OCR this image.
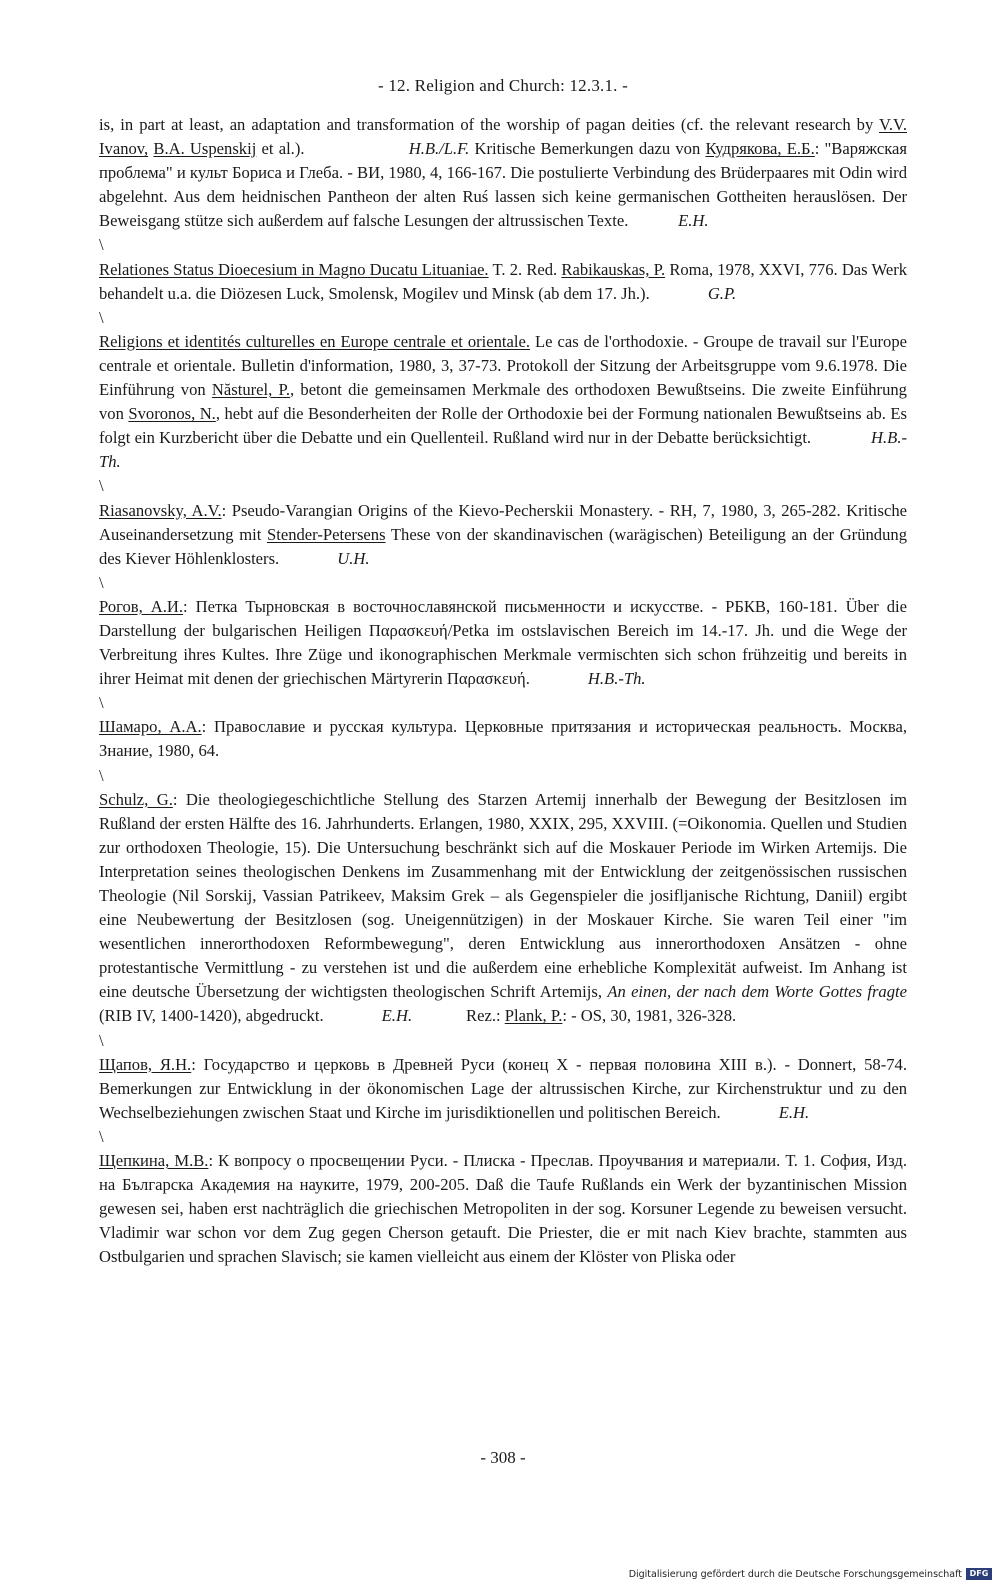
- 12. Religion and Church: 12.3.1. -

is, in part at least, an adaptation and transformation of the worship of pagan deities (cf. the relevant research by V.V. Ivanov, B.A. Uspenskij et al.).	H.B./L.F. Kritische Bemerkungen dazu von Кудрякова, Е.Б.: "Варяжская проблема" и культ Бориса и Глеба. - ВИ, 1980, 4, 166-167. Die postulierte Verbindung des Brüderpaares mit Odin wird abgelehnt. Aus dem heidnischen Pantheon der alten Ruś lassen sich keine germanischen Gottheiten herauslösen. Der Beweisgang stütze sich außerdem auf falsche Lesungen der altrussischen Texte.	E.H.

\

Relationes Status Dioecesium in Magno Ducatu Lituaniae. T. 2. Red. Rabikauskas, P. Roma, 1978, XXVI, 776. Das Werk behandelt u.a. die Diözesen Luck, Smolensk, Mogilev und Minsk (ab dem 17. Jh.).	G.P.

\

Religions et identités culturelles en Europe centrale et orientale. Le cas de l'orthodoxie. - Groupe de travail sur l'Europe centrale et orientale. Bulletin d'information, 1980, 3, 37-73. Protokoll der Sitzung der Arbeitsgruppe vom 9.6.1978. Die Einführung von Năsturel, P., betont die gemeinsamen Merkmale des orthodoxen Bewußtseins. Die zweite Einführung von Svoronos, N., hebt auf die Besonderheiten der Rolle der Orthodoxie bei der Formung nationalen Bewußtseins ab. Es folgt ein Kurzbericht über die Debatte und ein Quellenteil. Rußland wird nur in der Debatte berücksichtigt.	H.B.-Th.

\

Riasanovsky, A.V.: Pseudo-Varangian Origins of the Kievo-Pecherskii Monastery. - RH, 7, 1980, 3, 265-282. Kritische Auseinandersetzung mit Stender-Petersens These von der skandinavischen (warägischen) Beteiligung an der Gründung des Kiever Höhlenklosters.	U.H.

\

Рогов, А.И.: Петка Тырновская в восточнославянской письменности и искусстве. - РБКВ, 160-181. Über die Darstellung der bulgarischen Heiligen Παρασκευή/Petka im ostslavischen Bereich im 14.-17. Jh. und die Wege der Verbreitung ihres Kultes. Ihre Züge und ikonographischen Merkmale vermischten sich schon frühzeitig und bereits in ihrer Heimat mit denen der griechischen Märtyrerin Παρασκευή.	H.B.-Th.

\

Шамаро, А.А.: Православие и русская культура. Церковные притязания и историческая реальность. Москва, Знание, 1980, 64.

\

Schulz, G.: Die theologiegeschichtliche Stellung des Starzen Artemij innerhalb der Bewegung der Besitzlosen im Rußland der ersten Hälfte des 16. Jahrhunderts. Erlangen, 1980, XXIX, 295, XXVIII. (=Oikonomia. Quellen und Studien zur orthodoxen Theologie, 15). Die Untersuchung beschränkt sich auf die Moskauer Periode im Wirken Artemijs. Die Interpretation seines theologischen Denkens im Zusammenhang mit der Entwicklung der zeitgenössischen russischen Theologie (Nil Sorskij, Vassian Patrikeev, Maksim Grek – als Gegenspieler die josifljanische Richtung, Daniil) ergibt eine Neubewertung der Besitzlosen (sog. Uneigennützigen) in der Moskauer Kirche. Sie waren Teil einer "im wesentlichen innerorthodoxen Reformbewegung", deren Entwicklung aus innerorthodoxen Ansätzen - ohne protestantische Vermittlung - zu verstehen ist und die außerdem eine erhebliche Komplexität aufweist. Im Anhang ist eine deutsche Übersetzung der wichtigsten theologischen Schrift Artemijs, An einen, der nach dem Worte Gottes fragte (RIB IV, 1400-1420), abgedruckt.	E.H.	Rez.: Plank, P.: - OS, 30, 1981, 326-328.

\

Щапов, Я.Н.: Государство и церковь в Древней Руси (конец X - первая половина XIII в.). - Donnert, 58-74. Bemerkungen zur Entwicklung in der ökonomischen Lage der altrussischen Kirche, zur Kirchenstruktur und zu den Wechselbeziehungen zwischen Staat und Kirche im jurisdiktionellen und politischen Bereich.	E.H.

\

Щепкина, М.В.: К вопросу о просвещении Руси. - Плиска - Преслав. Проучвания и материали. Т. 1. София, Изд. на Българска Академия на науките, 1979, 200-205. Daß die Taufe Rußlands ein Werk der byzantinischen Mission gewesen sei, haben erst nachträglich die griechischen Metropoliten in der sog. Korsuner Legende zu beweisen versucht. Vladimir war schon vor dem Zug gegen Cherson getauft. Die Priester, die er mit nach Kiev brachte, stammten aus Ostbulgarien und sprachen Slavisch; sie kamen vielleicht aus einem der Klöster von Pliska oder

- 308 -
Digitalisierung gefördert durch die Deutsche Forschungsgemeinschaft DFG
